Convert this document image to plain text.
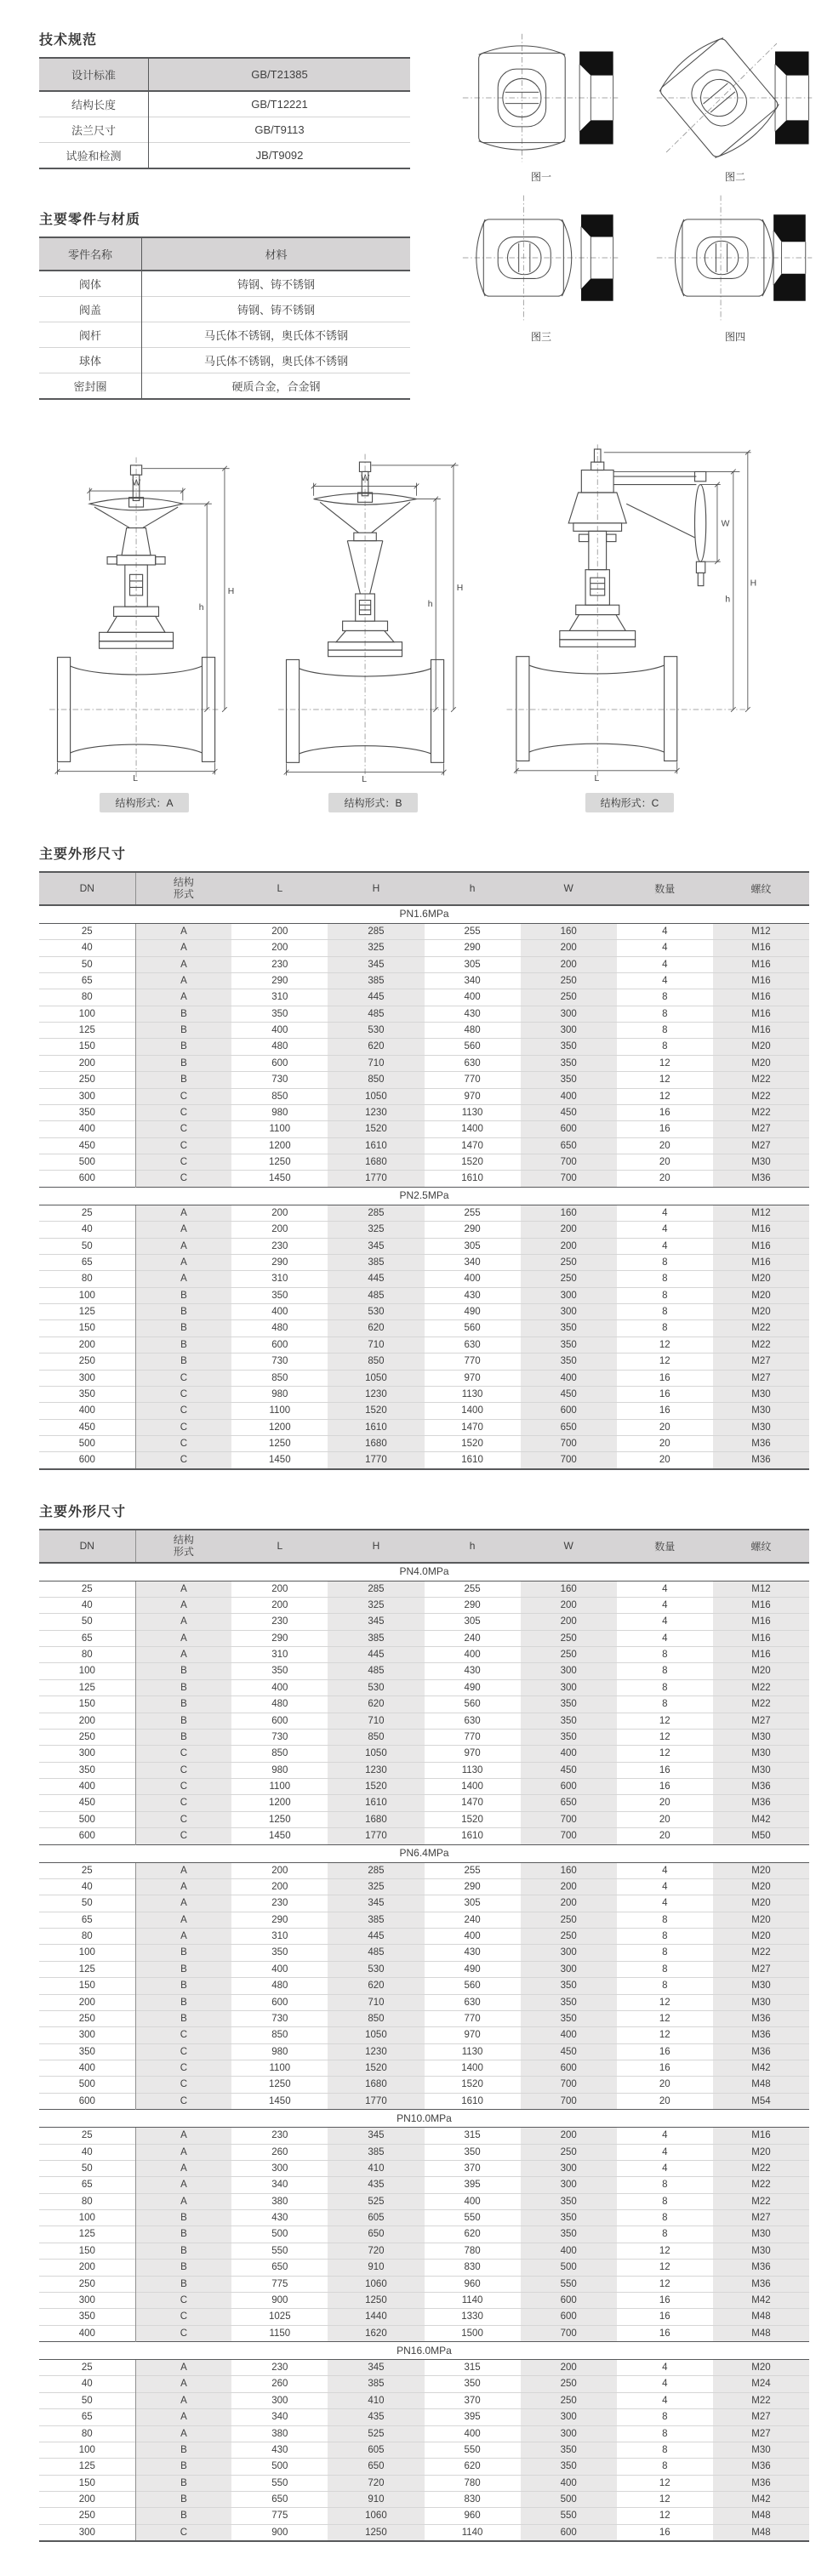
技术规范
设计标准	GB/T21385
结构长度	GB/T12221
法兰尺寸	GB/T9113
试验和检测	JB/T9092
主要零件与材质
零件名称	材料
阀体	铸钢、铸不锈钢
阀盖	铸钢、铸不锈钢
阀杆	马氏体不锈钢，奥氏体不锈钢
球体	马氏体不锈钢，奥氏体不锈钢
密封圈	硬质合金，合金钢
图一	图二
图三	图四
W
h
H
L
结构形式：A
W
h
H
L
结构形式：B
W
h
H
L
结构形式：C
主要外形尺寸
DN	结构形式	L	H	h	W	数量	螺纹
PN1.6MPa							
25	A	200	285	255	160	4	M12
40	A	200	325	290	200	4	M16
50	A	230	345	305	200	4	M16
65	A	290	385	340	250	4	M16
80	A	310	445	400	250	8	M16
100	B	350	485	430	300	8	M16
125	B	400	530	480	300	8	M16
150	B	480	620	560	350	8	M20
200	B	600	710	630	350	12	M20
250	B	730	850	770	350	12	M22
300	C	850	1050	970	400	12	M22
350	C	980	1230	1130	450	16	M22
400	C	1100	1520	1400	600	16	M27
450	C	1200	1610	1470	650	20	M27
500	C	1250	1680	1520	700	20	M30
600	C	1450	1770	1610	700	20	M36
PN2.5MPa							
25	A	200	285	255	160	4	M12
40	A	200	325	290	200	4	M16
50	A	230	345	305	200	4	M16
65	A	290	385	340	250	8	M16
80	A	310	445	400	250	8	M20
100	B	350	485	430	300	8	M20
125	B	400	530	490	300	8	M20
150	B	480	620	560	350	8	M22
200	B	600	710	630	350	12	M22
250	B	730	850	770	350	12	M27
300	C	850	1050	970	400	16	M27
350	C	980	1230	1130	450	16	M30
400	C	1100	1520	1400	600	16	M30
450	C	1200	1610	1470	650	20	M30
500	C	1250	1680	1520	700	20	M36
600	C	1450	1770	1610	700	20	M36
主要外形尺寸
DN	结构形式	L	H	h	W	数量	螺纹
PN4.0MPa							
25	A	200	285	255	160	4	M12
40	A	200	325	290	200	4	M16
50	A	230	345	305	200	4	M16
65	A	290	385	240	250	4	M16
80	A	310	445	400	250	8	M16
100	B	350	485	430	300	8	M20
125	B	400	530	490	300	8	M22
150	B	480	620	560	350	8	M22
200	B	600	710	630	350	12	M27
250	B	730	850	770	350	12	M30
300	C	850	1050	970	400	12	M30
350	C	980	1230	1130	450	16	M30
400	C	1100	1520	1400	600	16	M36
450	C	1200	1610	1470	650	20	M36
500	C	1250	1680	1520	700	20	M42
600	C	1450	1770	1610	700	20	M50
PN6.4MPa							
25	A	200	285	255	160	4	M20
40	A	200	325	290	200	4	M20
50	A	230	345	305	200	4	M20
65	A	290	385	240	250	8	M20
80	A	310	445	400	250	8	M20
100	B	350	485	430	300	8	M22
125	B	400	530	490	300	8	M27
150	B	480	620	560	350	8	M30
200	B	600	710	630	350	12	M30
250	B	730	850	770	350	12	M36
300	C	850	1050	970	400	12	M36
350	C	980	1230	1130	450	16	M36
400	C	1100	1520	1400	600	16	M42
500	C	1250	1680	1520	700	20	M48
600	C	1450	1770	1610	700	20	M54
PN10.0MPa							
25	A	230	345	315	200	4	M16
40	A	260	385	350	250	4	M20
50	A	300	410	370	300	4	M22
65	A	340	435	395	300	8	M22
80	A	380	525	400	350	8	M22
100	B	430	605	550	350	8	M27
125	B	500	650	620	350	8	M30
150	B	550	720	780	400	12	M30
200	B	650	910	830	500	12	M36
250	B	775	1060	960	550	12	M36
300	C	900	1250	1140	600	16	M42
350	C	1025	1440	1330	600	16	M48
400	C	1150	1620	1500	700	16	M48
PN16.0MPa							
25	A	230	345	315	200	4	M20
40	A	260	385	350	250	4	M24
50	A	300	410	370	250	4	M22
65	A	340	435	395	300	8	M27
80	A	380	525	400	300	8	M27
100	B	430	605	550	350	8	M30
125	B	500	650	620	350	8	M36
150	B	550	720	780	400	12	M36
200	B	650	910	830	500	12	M42
250	B	775	1060	960	550	12	M48
300	C	900	1250	1140	600	16	M48
